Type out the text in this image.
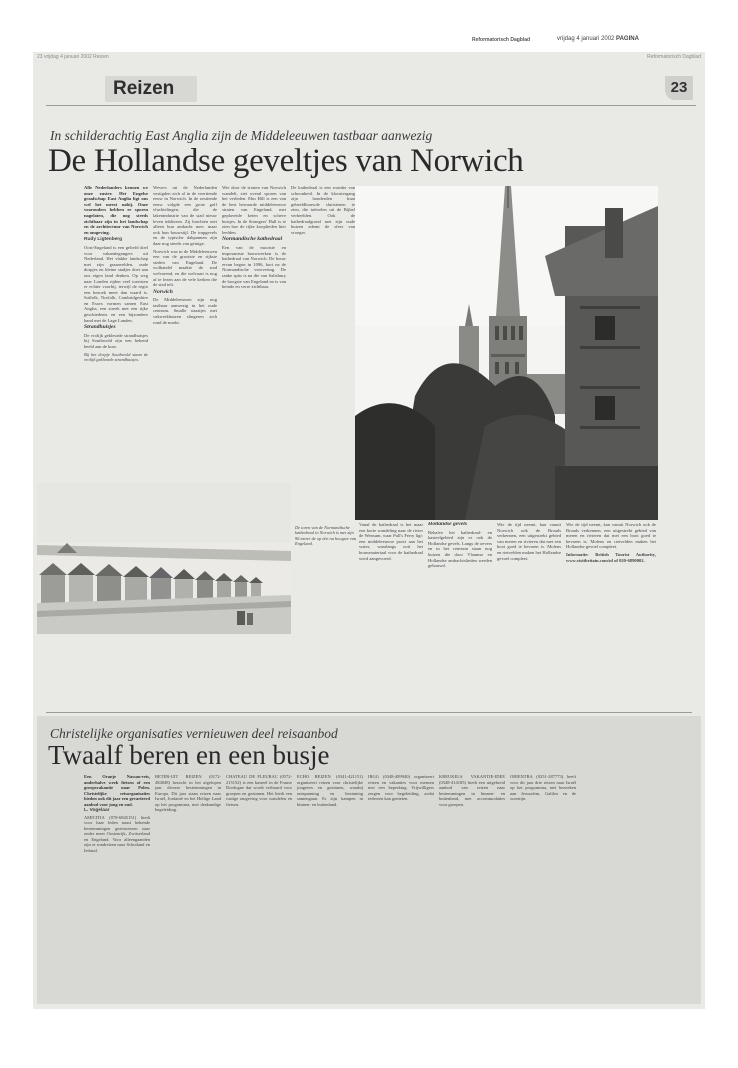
23 vrijdag 4 januari 2002 Reizen	Reformatorisch Dagblad
Reizen
Reformatorisch Dagblad	vrijdag 4 januari 2002 PAGINA
23
In schilderachtig East Anglia zijn de Middeleeuwen tastbaar aanwezig
De Hollandse geveltjes van Norwich

Alle Nederlanders kennen we onze zuster. Het Engelse graafschap East Anglia ligt ons wel het meest nabij. Onze voorouders hebben er sporen nagelaten, die nog steeds zichtbaar zijn in het landschap en de architectuur van Norwich en omgeving.

Rudy Ligtenberg

Oost-Engeland is een geliefd doel voor vakantiegangers uit Nederland. Het vlakke landschap met zijn graanvelden, oude dorpjes en kleine stadjes doet aan ons eigen land denken. Op weg naar Londen rijden veel toeristen er echter voorbij, terwijl de regio een bezoek meer dan waard is. Suffolk, Norfolk, Cambridgeshire en Essex vormen samen East Anglia, een streek met een rijke geschiedenis en een bijzondere band met de Lage Landen.

Strandhuisjes

De vrolijk gekleurde strandhuisjes bij Southwold zijn een bekend beeld aan de kust.

Bij het dorpje Southwold staan de vrolijk gekleurde strandhuisjes.

Wevers uit de Nederlanden vestigden zich al in de veertiende eeuw in Norwich. In de zestiende eeuw volgde een grote golf vluchtelingen, die de lakenindustrie van de stad nieuw leven inbliezen. Zij brachten niet alleen hun ambacht mee, maar ook hun bouwstijl. De trapgevels en de typische dakpannen zijn daar nog steeds van getuige.

Norwich was in de Middeleeuwen een van de grootste en rijkste steden van Engeland. De wolhandel maakte de stad welvarend, en die welvaart is nog af te lezen aan de vele kerken die de stad telt.

Norwich

De Middeleeuwen zijn nog tastbaar aanwezig in het oude centrum. Smalle straatjes met vakwerkhuizen slingeren zich rond de markt.

Wie door de straten van Norwich wandelt, ziet overal sporen van het verleden. Elm Hill is een van de best bewaarde middeleeuwse straten van Engeland, met geplaveide keien en scheve huisjes. In de Strangers' Hall is te zien hoe de rijke kooplieden hier leefden.

Normandische kathedraal

Een van de mooiste en imposantste bouwwerken is de kathedraal van Norwich. De bouw ervan begon in 1096, kort na de Normandische verovering. De ranke spits is na die van Salisbury de hoogste van Engeland en is van heinde en verre zichtbaar.

De kathedraal is een wonder van schoonheid. In de kloostergang zijn honderden fraai gebeeldhouwde sluitstenen te zien, die taferelen uit de Bijbel verbeelden. Ook de kathedraalgrond met zijn oude huizen ademt de sfeer van vroeger.

De toren van de Normandische kathedraal in Norwich is met zijn 96 meter de op één na hoogste van Engeland.

Vanaf de kathedraal is het maar een korte wandeling naar de rivier de Wensum, waar Pull's Ferry ligt: een middeleeuwse poort aan het water, waarlangs ooit het bouwmateriaal voor de kathedraal werd aangevoerd.

Hollandse gevels

Behalve het kathedraal- en kasteelgebied zijn er ook de Hollandse gevels. Langs de oevers en in het centrum staan nog huizen die door Vlaamse en Hollandse ambachtslieden werden gebouwd.

Wie de tijd neemt, kan vanuit Norwich ook de Broads verkennen, een uitgestrekt gebied van meren en rivieren dat met een boot goed te bevaren is. Molens en rietvelden maken het Hollandse gevoel compleet.

Wie de tijd neemt, kan vanuit Norwich ook de Broads verkennen, een uitgestrekt gebied van meren en rivieren dat met een boot goed te bevaren is. Molens en rietvelden maken het Hollandse gevoel compleet.

Informatie: British Tourist Authority, www.visitbritain.com/nl of 020-6890002.

Christelijke organisaties vernieuwen deel reisaanbod
Twaalf beren en een busje

Een Oranje Nassau-reis, anderhalve week fietsen of een groepsvakantie naar Polen. Christelijke reisorganisaties bieden ook dit jaar een gevarieerd aanbod voor jong en oud.

L. Vogelaar

AMICITIA (078-6845151) biedt voor haar leden naast bekende bestemmingen gezinsreizen naar onder meer Oostenrijk, Zwitserland en Engeland. Voor alleengaanden zijn er rondreizen naar Schotland en Ierland.

BETER-UIT REIZEN (0172-484848) bezocht in het afgelopen jaar diverse bestemmingen in Europa. Dit jaar staan reizen naar Israël, Jordanië en het Heilige Land op het programma, met deskundige begeleiding.

CHATEAU DE FLEURAC (0572-215152) is een kasteel in de Franse Dordogne dat wordt verhuurd voor groepen en gezinnen. Het biedt een rustige omgeving voor wandelen en fietsen.

ECHO REIZEN (0341-421151) organiseert reizen voor christelijke jongeren en gezinnen, waarbij ontspanning en bezinning samengaan. Er zijn kampen in binnen- en buitenland.

IBGG (0348-489940) organiseert reizen en vakanties voor mensen met een beperking. Vrijwilligers zorgen voor begeleiding, zodat iedereen kan genieten.

KREUKELS VAKANTIE-IDEE (0348-414185) biedt een uitgebreid aanbod van reizen naar bestemmingen in binnen- en buitenland, met accommodaties voor groepen.

ORIENTRA (0251-287773) heeft voor dit jaar drie reizen naar Israël op het programma, met bezoeken aan Jeruzalem, Galilea en de woestijn.
